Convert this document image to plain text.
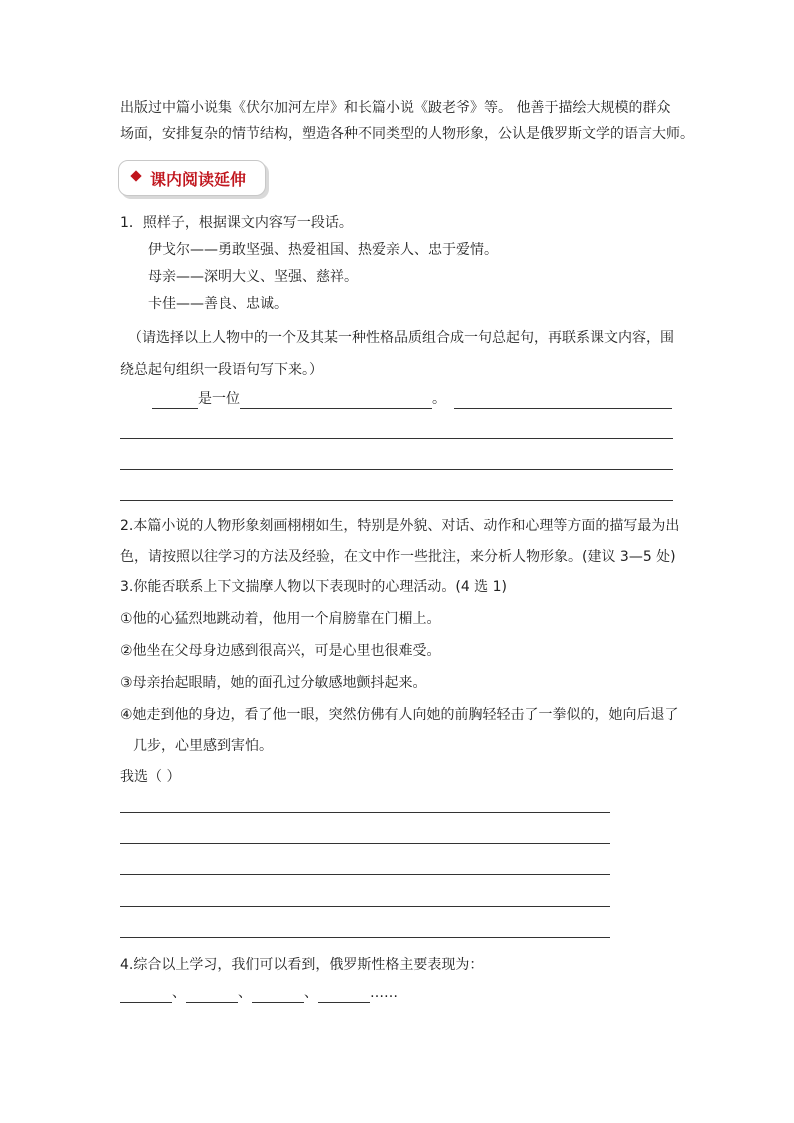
出版过中篇小说集《伏尔加河左岸》和长篇小说《跛老爷》等。 他善于描绘大规模的群众
场面，安排复杂的情节结构，塑造各种不同类型的人物形象，公认是俄罗斯文学的语言大师。
课内阅读延伸
1．照样子，根据课文内容写一段话。
伊戈尔——勇敢坚强、热爱祖国、热爱亲人、忠于爱情。
母亲——深明大义、坚强、慈祥。
卡佳——善良、忠诚。
（请选择以上人物中的一个及其某一种性格品质组合成一句总起句，再联系课文内容，围
绕总起句组织一段语句写下来。）
是一位	。
2.本篇小说的人物形象刻画栩栩如生，特别是外貌、对话、动作和心理等方面的描写最为出
色，请按照以往学习的方法及经验，在文中作一些批注，来分析人物形象。(建议 3—5 处)
3.你能否联系上下文揣摩人物以下表现时的心理活动。(4 选 1)
①他的心猛烈地跳动着，他用一个肩膀靠在门楣上。
②他坐在父母身边感到很高兴，可是心里也很难受。
③母亲抬起眼睛，她的面孔过分敏感地颤抖起来。
④她走到他的身边，看了他一眼，突然仿佛有人向她的前胸轻轻击了一拳似的，她向后退了
几步，心里感到害怕。
我选（ ）
4.综合以上学习，我们可以看到，俄罗斯性格主要表现为：
、	、	、	……
